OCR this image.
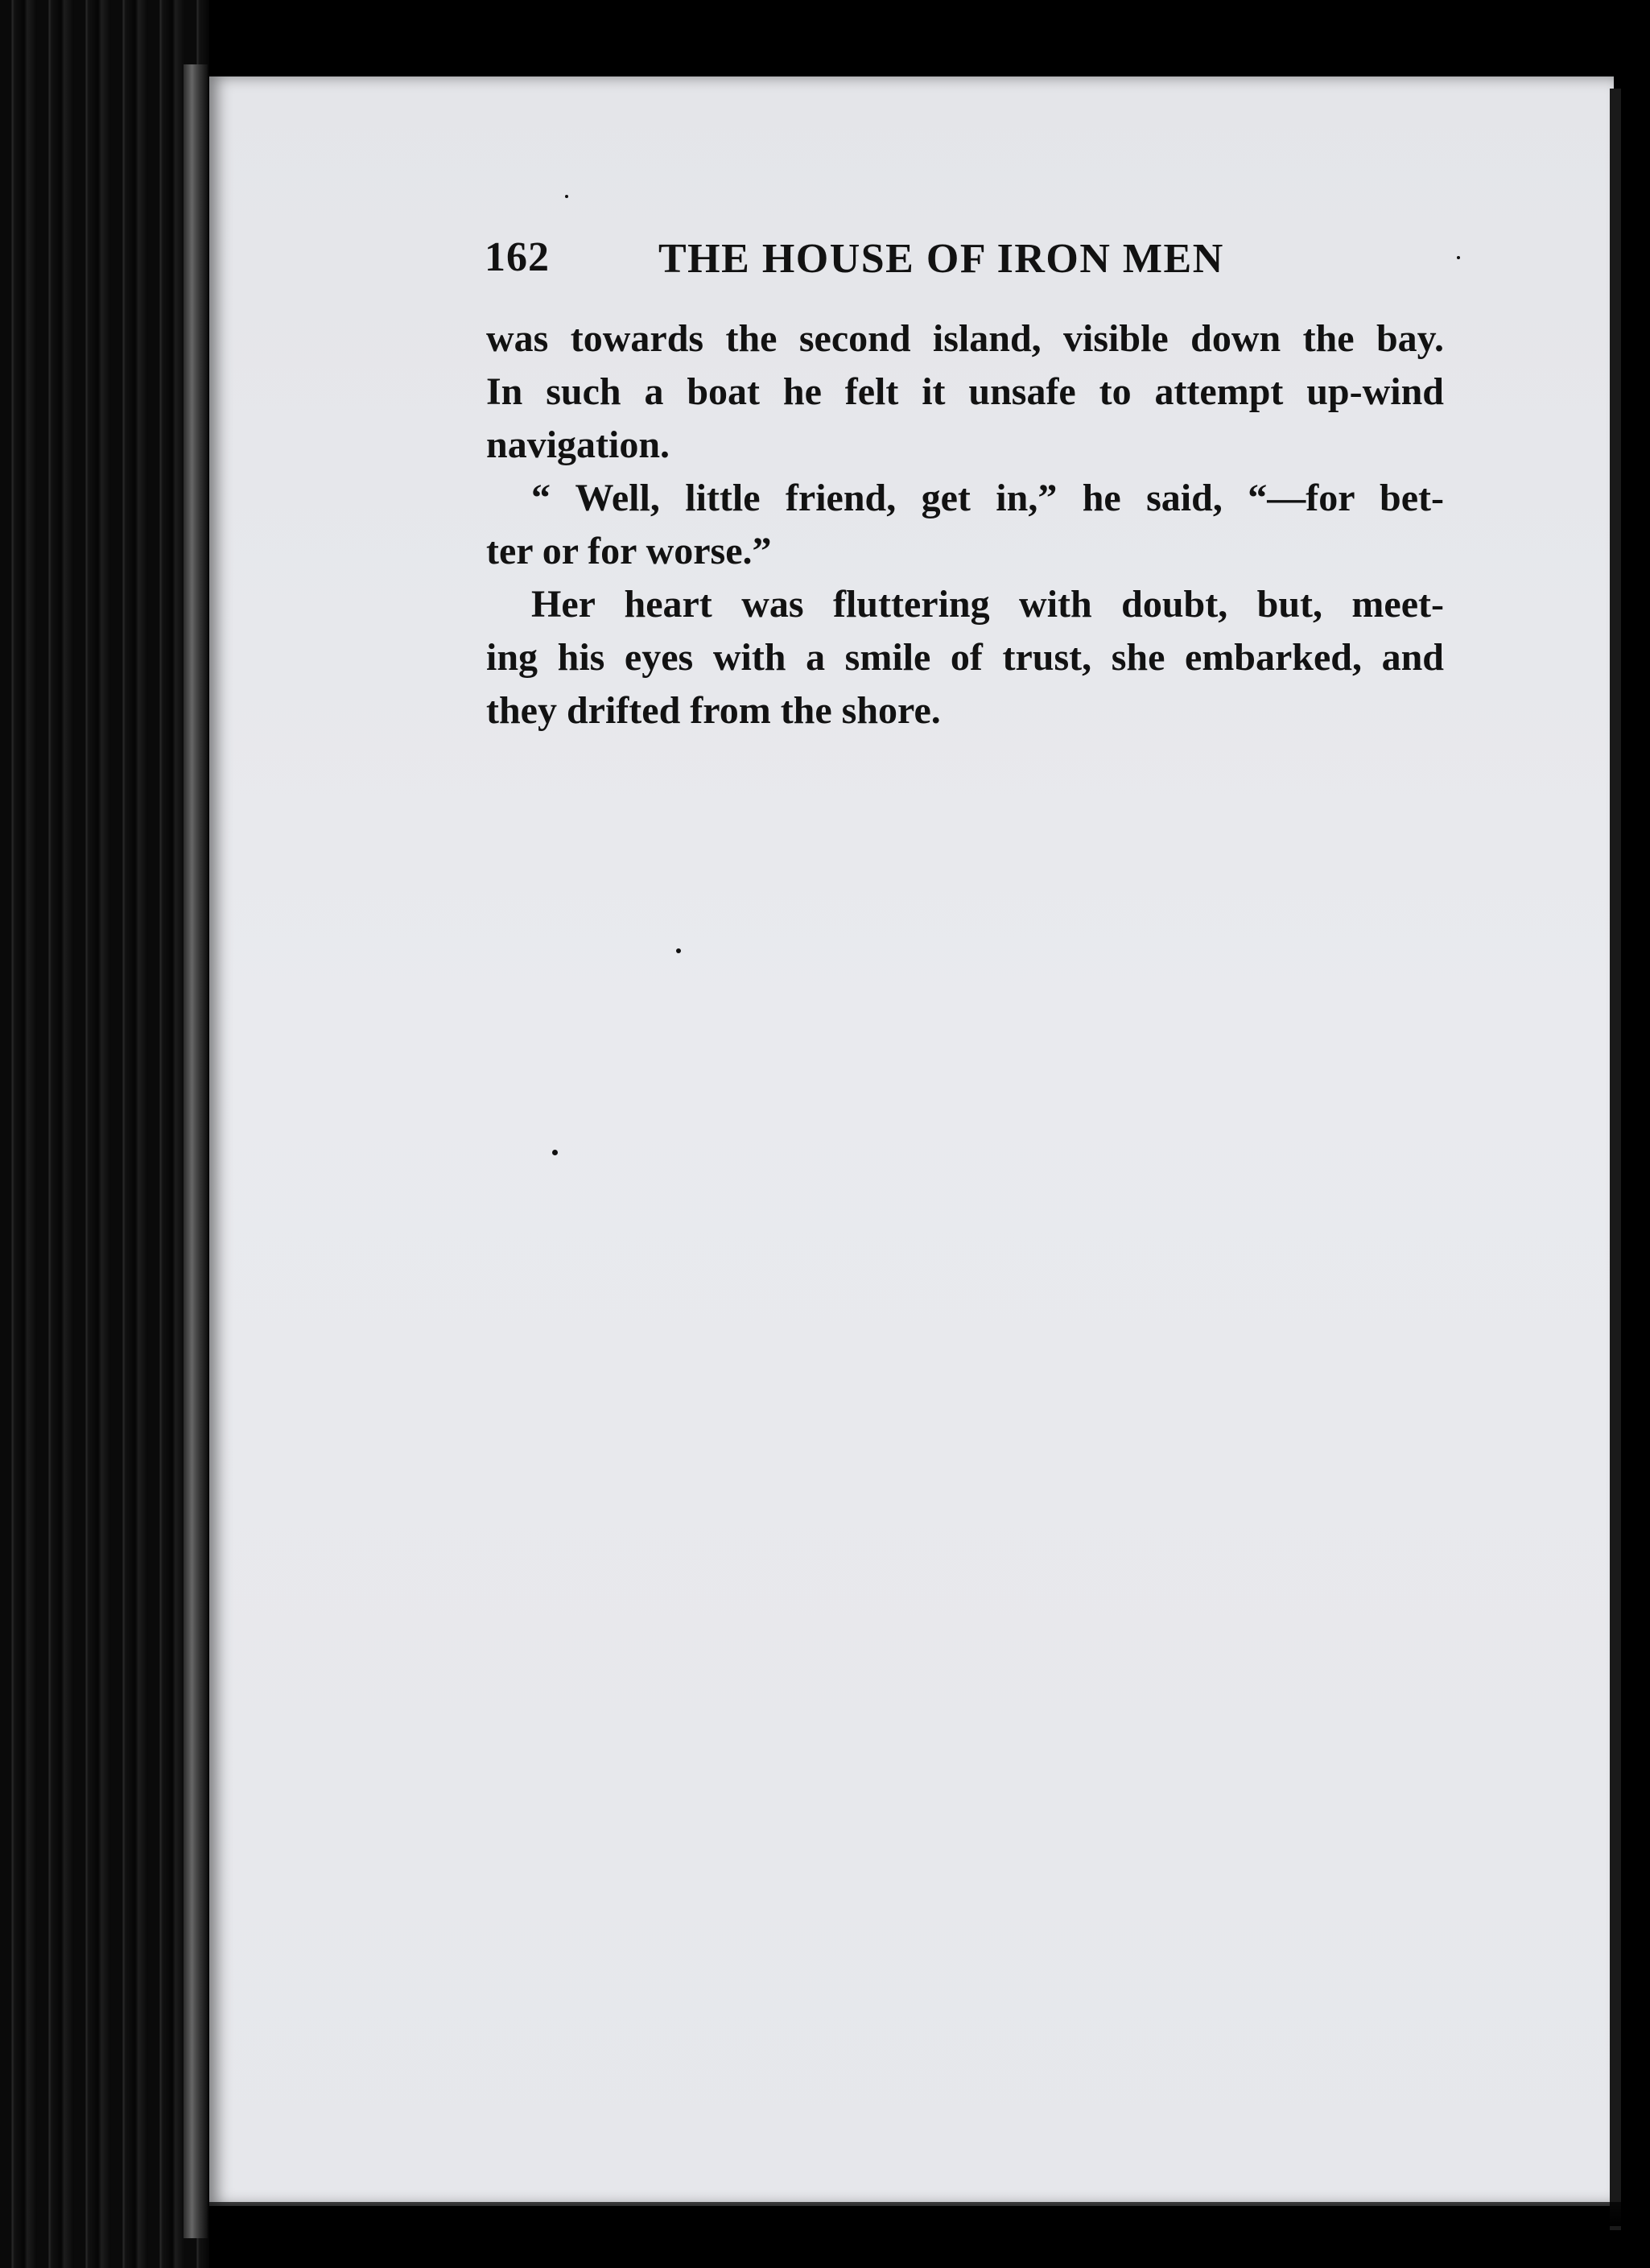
162	THE HOUSE OF IRON MEN
was towards the second island, visible down the bay.
In such a boat he felt it unsafe to attempt up-wind
navigation.
“ Well, little friend, get in,” he said, “—for bet-
ter or for worse.”
Her heart was fluttering with doubt, but, meet-
ing his eyes with a smile of trust, she embarked, and
they drifted from the shore.
